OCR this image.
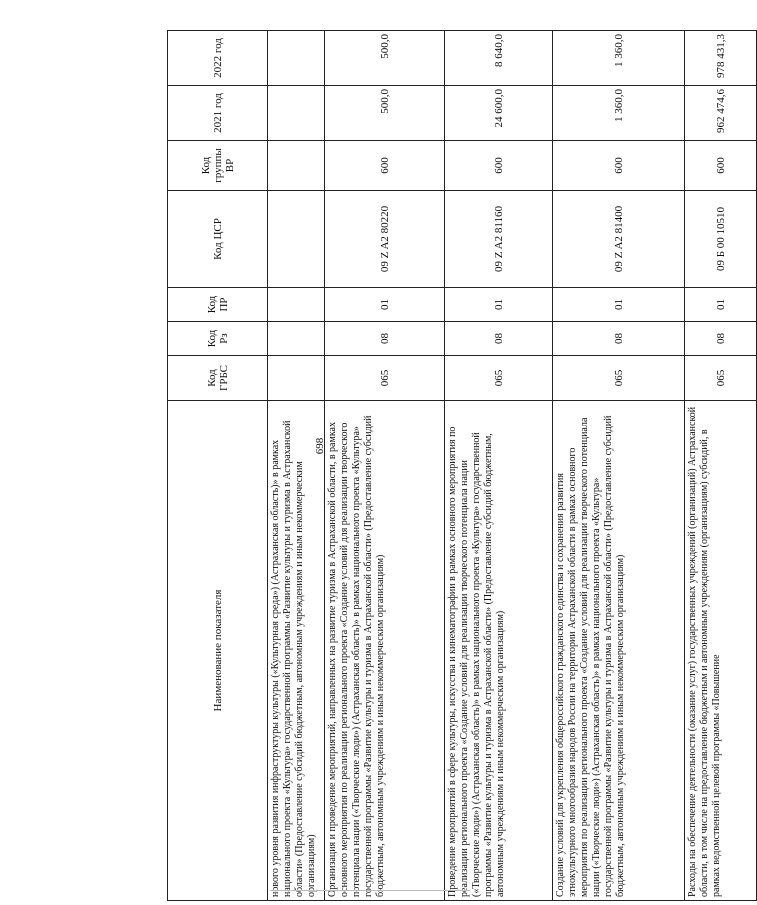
698
Наименование показателя	Код ГРБС	Код Рз	Код ПР	Код ЦСР	Код группы ВР	2021 год	2022 год
нового уровня развития инфраструктуры культуры («Культурная среда») (Астраханская область)» в рамках национального проекта «Культура» государственной программы «Развитие культуры и туризма в Астраханской области» (Предоставление субсидий бюджетным, автономным учреждениям и иным некоммерческим организациям)							
Организация и проведение мероприятий, направленных на развитие туризма в Астраханской области, в рамках основного мероприятия по реализации регионального проекта «Создание условий для реализации творческого потенциала нации («Творческие люди») (Астраханская область)» в рамках национального проекта «Культура» государственной программы «Развитие культуры и туризма в Астраханской области» (Предоставление субсидий бюджетным, автономным учреждениям и иным некоммерческим организациям)	065	08	01	09 Z A2 80220	600	500,0	500,0
Проведение мероприятий в сфере культуры, искусства и кинематографии в рамках основного мероприятия по реализации регионального проекта «Создание условий для реализации творческого потенциала нации («Творческие люди») (Астраханская область)» в рамках национального проекта «Культура» государственной программы «Развитие культуры и туризма в Астраханской области» (Предоставление субсидий бюджетным, автономным учреждениям и иным некоммерческим организациям)	065	08	01	09 Z A2 81160	600	24 600,0	8 640,0
Создание условий для укрепления общероссийского гражданского единства и сохранения развития этнокультурного многообразия народов России на территории Астраханской области в рамках основного мероприятия по реализации регионального проекта «Создание условий для реализации творческого потенциала нации («Творческие люди») (Астраханская область)» в рамках национального проекта «Культура» государственной программы «Развитие культуры и туризма в Астраханской области» (Предоставление субсидий бюджетным, автономным учреждениям и иным некоммерческим организациям)	065	08	01	09 Z A2 81400	600	1 360,0	1 360,0
Расходы на обеспечение деятельности (оказание услуг) государственных учреждений (организаций) Астраханской области, в том числе на предоставление бюджетным и автономным учреждениям (организациям) субсидий, в рамках ведомственной целевой программы «Повышение	065	08	01	09 Б 00 10510	600	962 474,6	978 431,3
